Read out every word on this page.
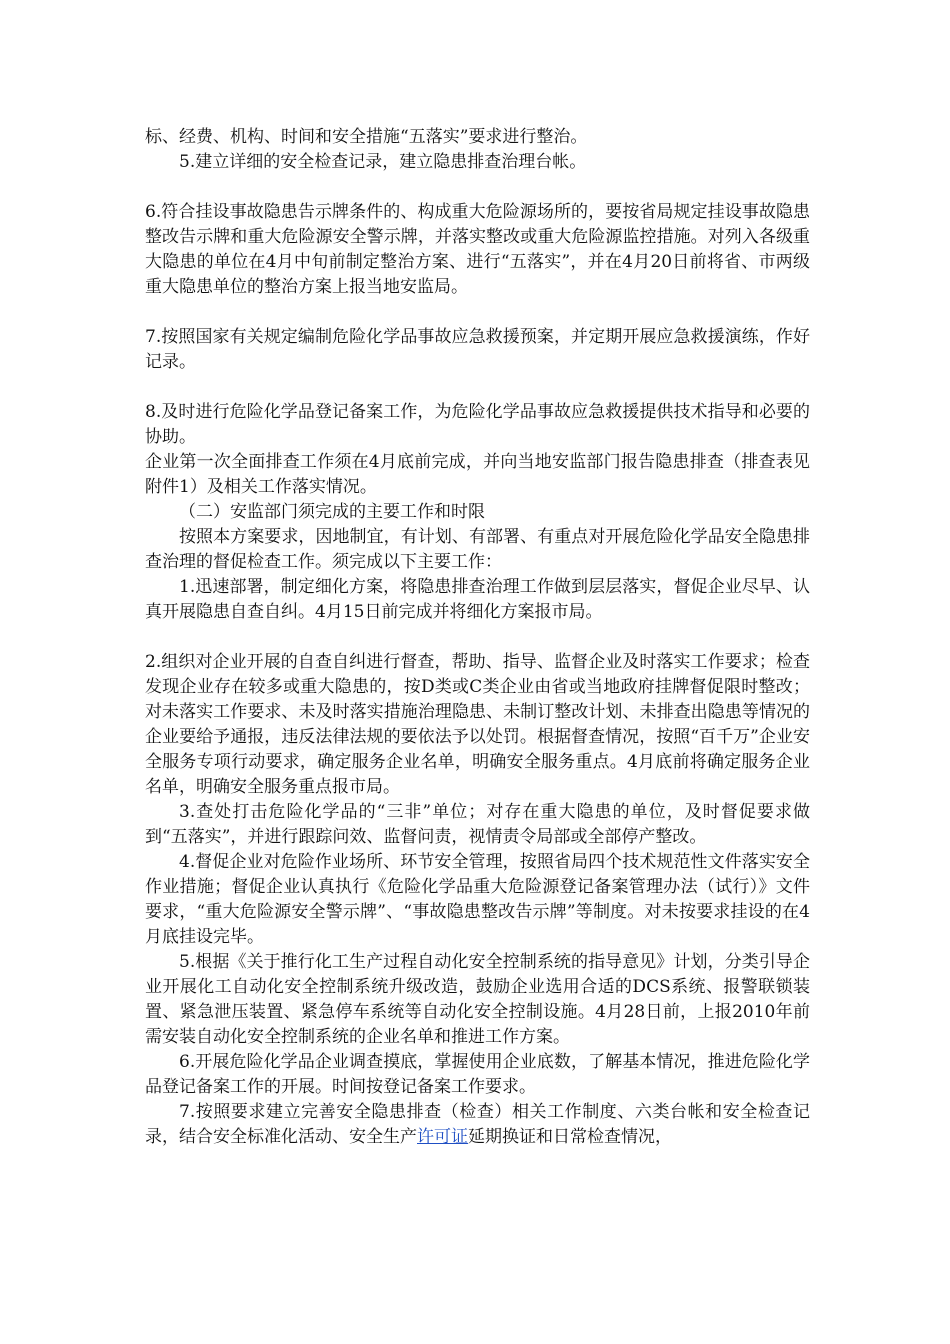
标、经费、机构、时间和安全措施“五落实”要求进行整治。

5.建立详细的安全检查记录，建立隐患排查治理台帐。

6.符合挂设事故隐患告示牌条件的、构成重大危险源场所的，要按省局规定挂设事故隐患整改告示牌和重大危险源安全警示牌，并落实整改或重大危险源监控措施。对列入各级重大隐患的单位在4月中旬前制定整治方案、进行“五落实”，并在4月20日前将省、市两级重大隐患单位的整治方案上报当地安监局。

7.按照国家有关规定编制危险化学品事故应急救援预案，并定期开展应急救援演练，作好记录。

8.及时进行危险化学品登记备案工作，为危险化学品事故应急救援提供技术指导和必要的协助。

企业第一次全面排查工作须在4月底前完成，并向当地安监部门报告隐患排查（排查表见附件1）及相关工作落实情况。

（二）安监部门须完成的主要工作和时限

按照本方案要求，因地制宜，有计划、有部署、有重点对开展危险化学品安全隐患排查治理的督促检查工作。须完成以下主要工作：

1.迅速部署，制定细化方案，将隐患排查治理工作做到层层落实，督促企业尽早、认真开展隐患自查自纠。4月15日前完成并将细化方案报市局。

2.组织对企业开展的自查自纠进行督查，帮助、指导、监督企业及时落实工作要求；检查发现企业存在较多或重大隐患的，按D类或C类企业由省或当地政府挂牌督促限时整改；对未落实工作要求、未及时落实措施治理隐患、未制订整改计划、未排查出隐患等情况的企业要给予通报，违反法律法规的要依法予以处罚。根据督查情况，按照“百千万”企业安全服务专项行动要求，确定服务企业名单，明确安全服务重点。4月底前将确定服务企业名单，明确安全服务重点报市局。

3.查处打击危险化学品的“三非”单位；对存在重大隐患的单位，及时督促要求做到“五落实”，并进行跟踪问效、监督问责，视情责令局部或全部停产整改。

4.督促企业对危险作业场所、环节安全管理，按照省局四个技术规范性文件落实安全作业措施；督促企业认真执行《危险化学品重大危险源登记备案管理办法（试行）》文件要求，“重大危险源安全警示牌”、“事故隐患整改告示牌”等制度。对未按要求挂设的在4月底挂设完毕。

5.根据《关于推行化工生产过程自动化安全控制系统的指导意见》计划，分类引导企业开展化工自动化安全控制系统升级改造，鼓励企业选用合适的DCS系统、报警联锁装置、紧急泄压装置、紧急停车系统等自动化安全控制设施。4月28日前，上报2010年前需安装自动化安全控制系统的企业名单和推进工作方案。

6.开展危险化学品企业调查摸底，掌握使用企业底数，了解基本情况，推进危险化学品登记备案工作的开展。时间按登记备案工作要求。

7.按照要求建立完善安全隐患排查（检查）相关工作制度、六类台帐和安全检查记录，结合安全标准化活动、安全生产许可证延期换证和日常检查情况，
